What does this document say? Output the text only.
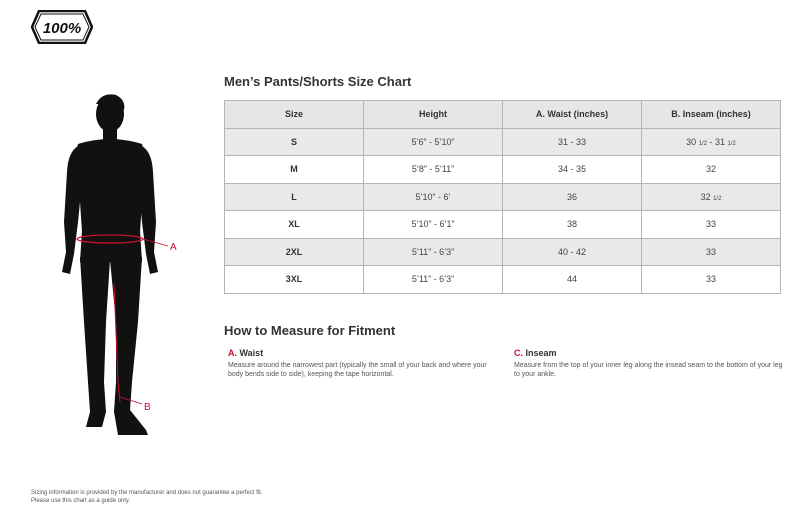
100%
A
B
Men’s Pants/Shorts Size Chart
Size	Height	A. Waist (inches)	B. Inseam (inches)
S	5’6” - 5’10”	31 - 33	30 1/2 - 31 1/2
M	5’8” - 5’11”	34 - 35	32
L	5’10” - 6’	36	32 1/2
XL	5’10” - 6’1”	38	33
2XL	5’11” - 6’3”	40 - 42	33
3XL	5’11” - 6’3”	44	33
How to Measure for Fitment
A. Waist
Measure around the narrowest part (typically the small of your back and where your body bends side to side), keeping the tape horizontal.
C. Inseam
Measure from the top of your inner leg along the insead seam to the bottom of your leg to your ankle.
Sizing information is provided by the manufacturer and does not guarantee a perfect fit.
Please use this chart as a guide only.
